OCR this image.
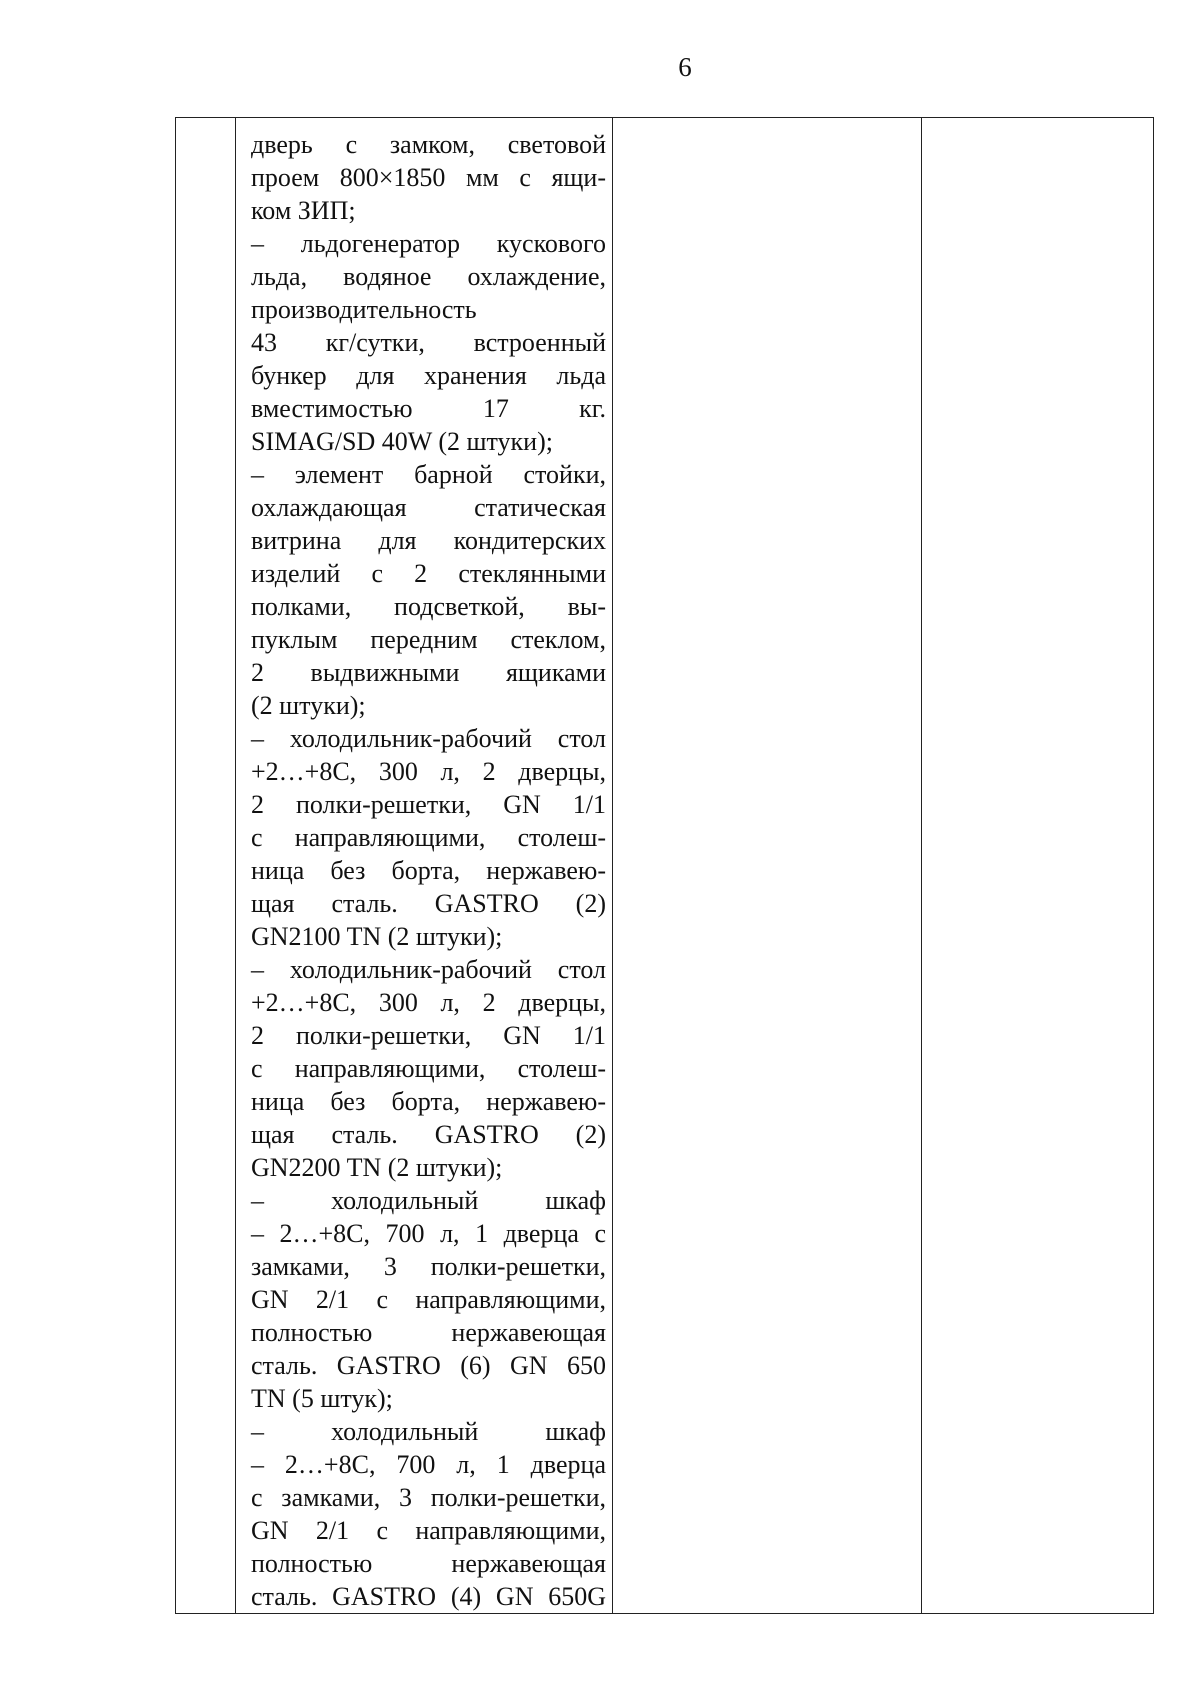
6

дверь с замком, световой
проем 800×1850 мм с ящи-
ком ЗИП;
– льдогенератор кускового
льда, водяное охлаждение,
производительность
43 кг/сутки, встроенный
бункер для хранения льда
вместимостью 17 кг.
SIMAG/SD 40W (2 штуки);
– элемент барной стойки,
охлаждающая статическая
витрина для кондитерских
изделий с 2 стеклянными
полками, подсветкой, вы-
пуклым передним стеклом,
2 выдвижными ящиками
(2 штуки);
– холодильник-рабочий стол
+2…+8С, 300 л, 2 дверцы,
2 полки-решетки, GN 1/1
с направляющими, столеш-
ница без борта, нержавею-
щая сталь. GASTRO (2)
GN2100 TN (2 штуки);
– холодильник-рабочий стол
+2…+8С, 300 л, 2 дверцы,
2 полки-решетки, GN 1/1
с направляющими, столеш-
ница без борта, нержавею-
щая сталь. GASTRO (2)
GN2200 TN (2 штуки);
– холодильный шкаф
– 2…+8С, 700 л, 1 дверца с
замками, 3 полки-решетки,
GN 2/1 с направляющими,
полностью нержавеющая
сталь. GASTRO (6) GN 650
TN (5 штук);
– холодильный шкаф
– 2…+8С, 700 л, 1 дверца
с замками, 3 полки-решетки,
GN 2/1 с направляющими,
полностью нержавеющая
сталь. GASTRO (4) GN 650G
